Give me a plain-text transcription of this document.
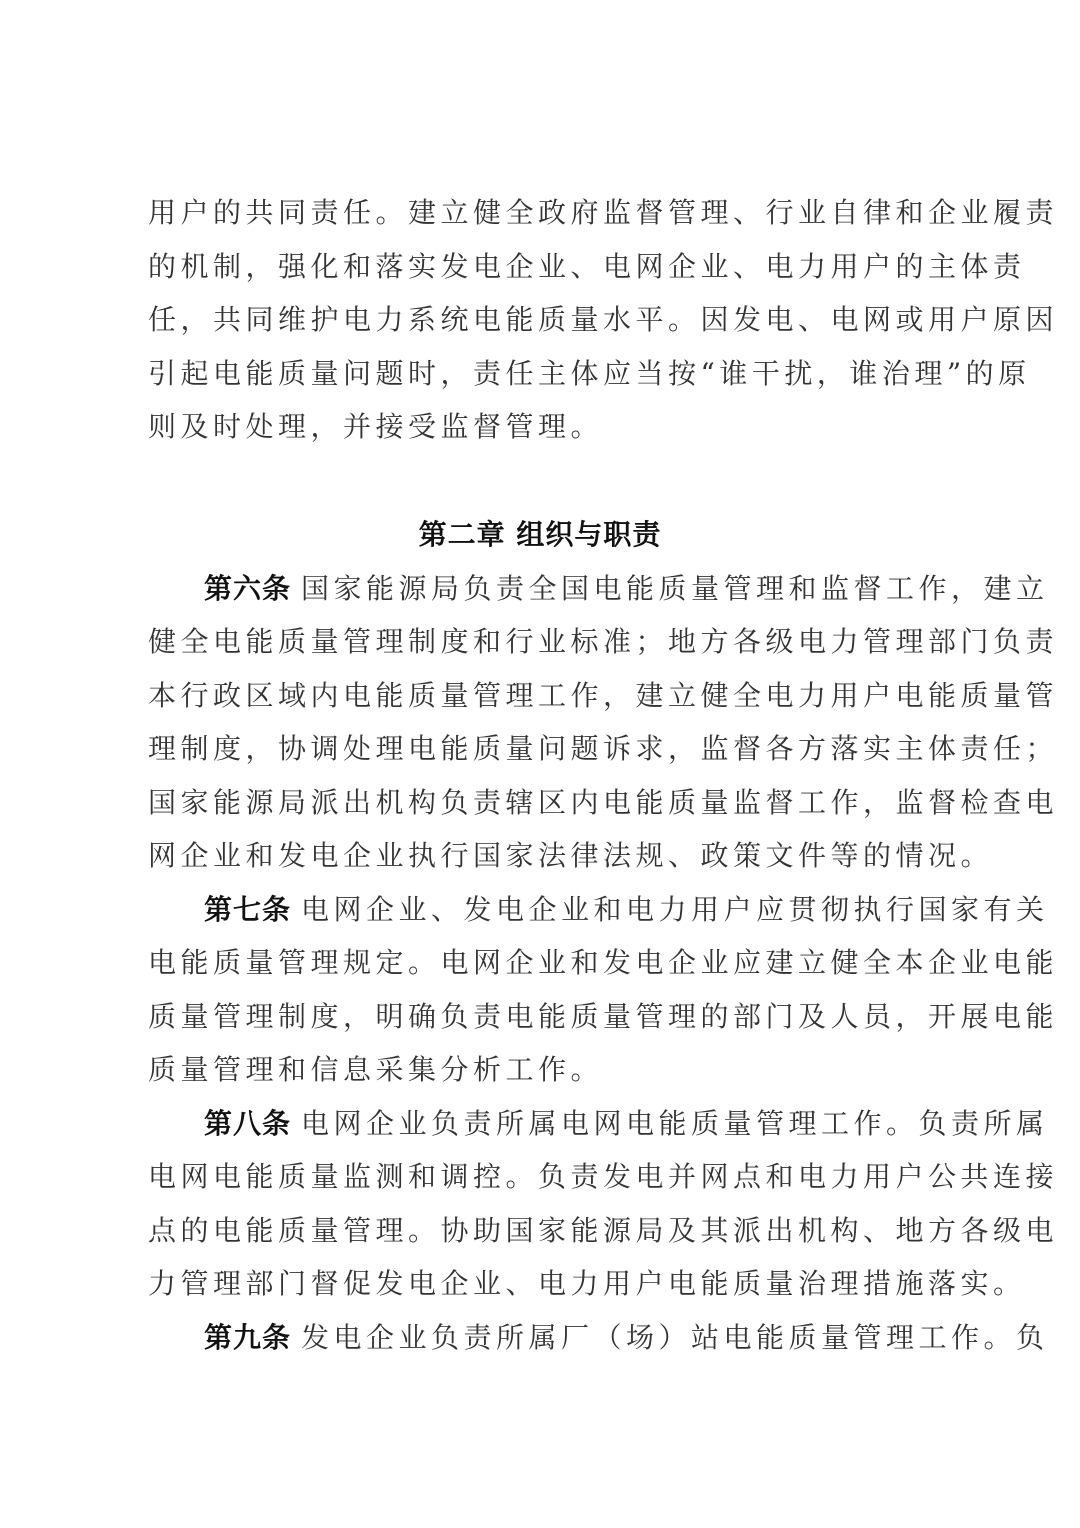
用户的共同责任。建立健全政府监督管理、行业自律和企业履责
的机制，强化和落实发电企业、电网企业、电力用户的主体责
任，共同维护电力系统电能质量水平。因发电、电网或用户原因
引起电能质量问题时，责任主体应当按“谁干扰，谁治理”的原
则及时处理，并接受监督管理。
第二章 组织与职责
第六条 国家能源局负责全国电能质量管理和监督工作，建立
健全电能质量管理制度和行业标准；地方各级电力管理部门负责
本行政区域内电能质量管理工作，建立健全电力用户电能质量管
理制度，协调处理电能质量问题诉求，监督各方落实主体责任；
国家能源局派出机构负责辖区内电能质量监督工作，监督检查电
网企业和发电企业执行国家法律法规、政策文件等的情况。
第七条 电网企业、发电企业和电力用户应贯彻执行国家有关
电能质量管理规定。电网企业和发电企业应建立健全本企业电能
质量管理制度，明确负责电能质量管理的部门及人员，开展电能
质量管理和信息采集分析工作。
第八条 电网企业负责所属电网电能质量管理工作。负责所属
电网电能质量监测和调控。负责发电并网点和电力用户公共连接
点的电能质量管理。协助国家能源局及其派出机构、地方各级电
力管理部门督促发电企业、电力用户电能质量治理措施落实。
第九条 发电企业负责所属厂（场）站电能质量管理工作。负
